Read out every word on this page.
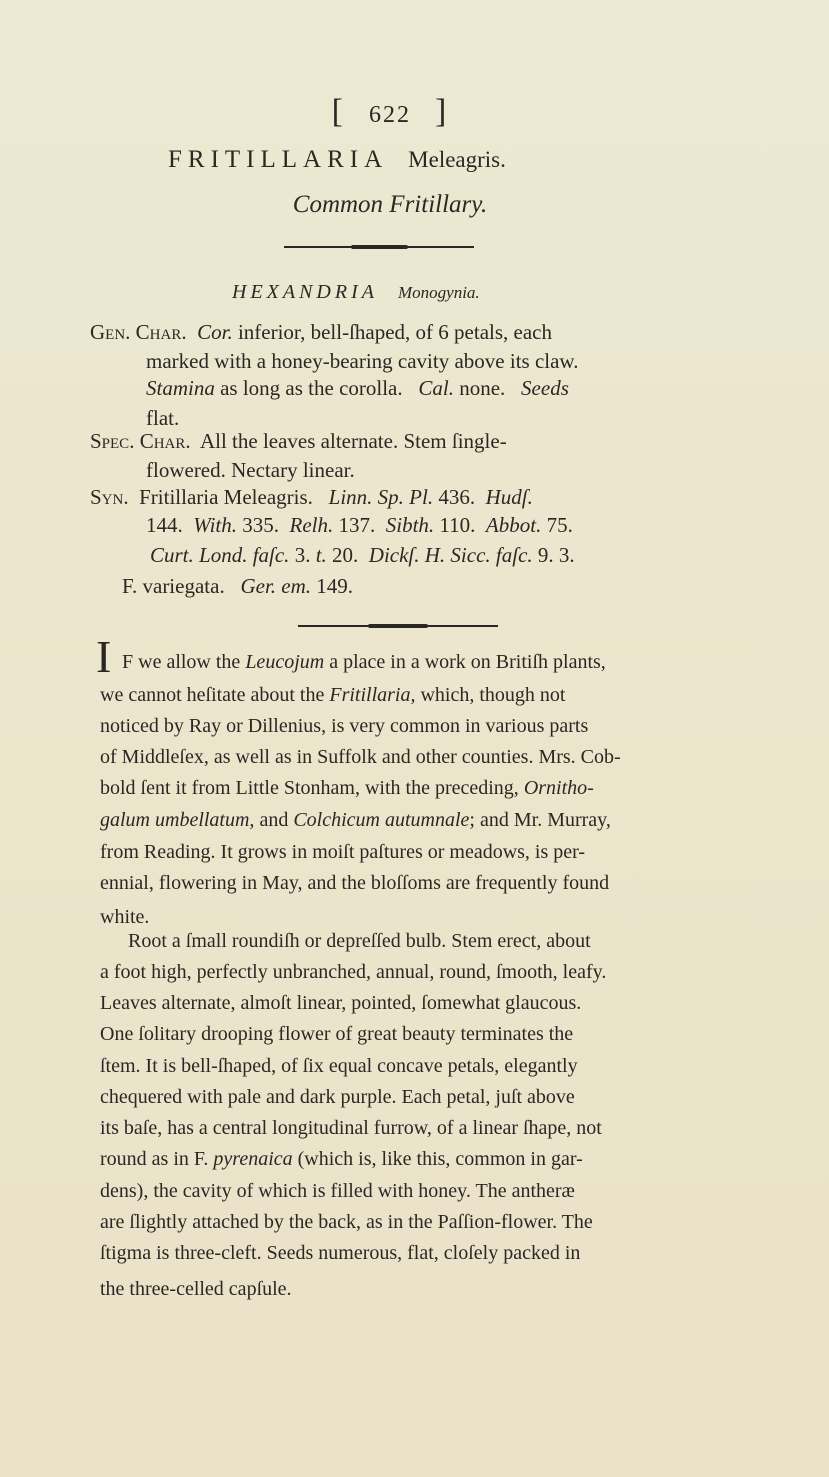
[ 622 ]
FRITILLARIA Meleagris.
Common Fritillary.
HEXANDRIA Monogynia.
Gen. Char. Cor. inferior, bell-ſhaped, of 6 petals, each
marked with a honey-bearing cavity above its claw.
Stamina as long as the corolla. Cal. none. Seeds
flat.
Spec. Char. All the leaves alternate. Stem ſingle-
flowered. Nectary linear.
Syn. Fritillaria Meleagris. Linn. Sp. Pl. 436. Hudſ.
144. With. 335. Relh. 137. Sibth. 110. Abbot. 75.
Curt. Lond. faſc. 3. t. 20. Dickſ. H. Sicc. faſc. 9. 3.
F. variegata. Ger. em. 149.
I F we allow the Leucojum a place in a work on Britiſh plants,
we cannot heſitate about the Fritillaria, which, though not
noticed by Ray or Dillenius, is very common in various parts
of Middleſex, as well as in Suffolk and other counties. Mrs. Cob-
bold ſent it from Little Stonham, with the preceding, Ornitho-
galum umbellatum, and Colchicum autumnale; and Mr. Murray,
from Reading. It grows in moiſt paſtures or meadows, is per-
ennial, flowering in May, and the bloſſoms are frequently found
white.
Root a ſmall roundiſh or depreſſed bulb. Stem erect, about
a foot high, perfectly unbranched, annual, round, ſmooth, leafy.
Leaves alternate, almoſt linear, pointed, ſomewhat glaucous.
One ſolitary drooping flower of great beauty terminates the
ſtem. It is bell-ſhaped, of ſix equal concave petals, elegantly
chequered with pale and dark purple. Each petal, juſt above
its baſe, has a central longitudinal furrow, of a linear ſhape, not
round as in F. pyrenaica (which is, like this, common in gar-
dens), the cavity of which is filled with honey. The antheræ
are ſlightly attached by the back, as in the Paſſion-flower. The
ſtigma is three-cleft. Seeds numerous, flat, cloſely packed in
the three-celled capſule.
